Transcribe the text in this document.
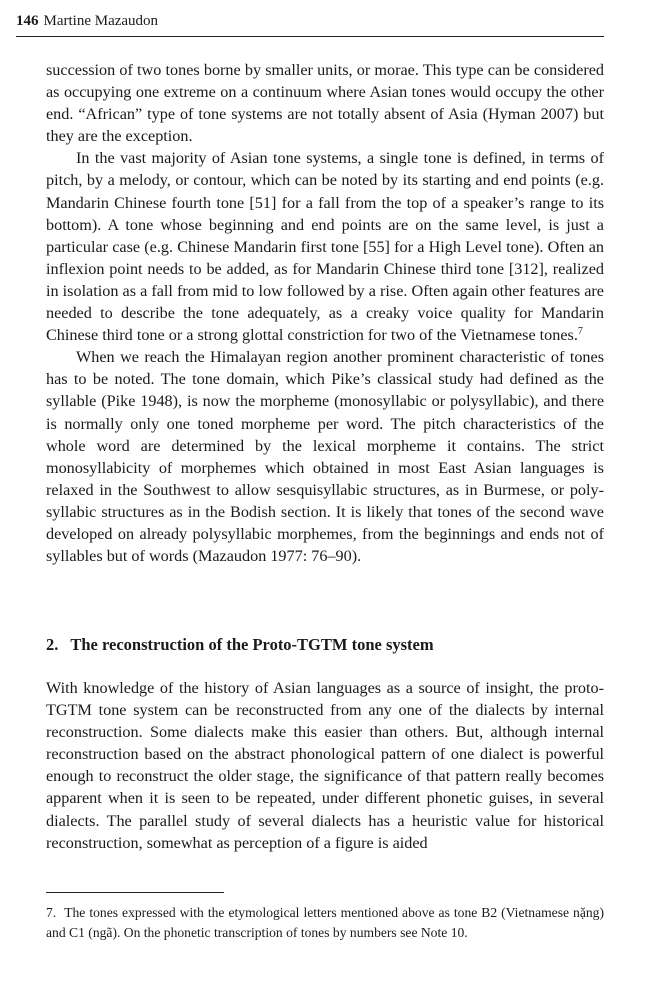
146 Martine Mazaudon

succession of two tones borne by smaller units, or morae. This type can be considered as occupying one extreme on a continuum where Asian tones would occupy the other end. “African” type of tone systems are not totally absent of Asia (Hyman 2007) but they are the exception.

In the vast majority of Asian tone systems, a single tone is defined, in terms of pitch, by a melody, or contour, which can be noted by its starting and end points (e.g. Mandarin Chinese fourth tone [51] for a fall from the top of a speaker’s range to its bottom). A tone whose beginning and end points are on the same level, is just a particular case (e.g. Chinese Mandarin first tone [55] for a High Level tone). Often an inflexion point needs to be added, as for Mandarin Chinese third tone [312], realized in isolation as a fall from mid to low followed by a rise. Often again other features are needed to describe the tone adequately, as a creaky voice quality for Mandarin Chinese third tone or a strong glottal constriction for two of the Vietnamese tones.$^7$

When we reach the Himalayan region another prominent characteristic of tones has to be noted. The tone domain, which Pike’s classical study had defined as the syllable (Pike 1948), is now the morpheme (monosyllabic or polysyllabic), and there is normally only one toned morpheme per word. The pitch characteristics of the whole word are determined by the lexical morpheme it contains. The strict monosyllabicity of morphemes which obtained in most East Asian languages is relaxed in the Southwest to allow sesquisyllabic structures, as in Burmese, or polysyllabic structures as in the Bodish section. It is likely that tones of the second wave developed on already polysyllabic morphemes, from the beginnings and ends not of syllables but of words (Mazaudon 1977: 76–90).

2. The reconstruction of the Proto-TGTM tone system

With knowledge of the history of Asian languages as a source of insight, the proto-TGTM tone system can be reconstructed from any one of the dialects by internal reconstruction. Some dialects make this easier than others. But, although internal reconstruction based on the abstract phonological pattern of one dialect is powerful enough to reconstruct the older stage, the significance of that pattern really becomes apparent when it is seen to be repeated, under different phonetic guises, in several dialects. The parallel study of several dialects has a heuristic value for historical reconstruction, somewhat as perception of a figure is aided

7. The tones expressed with the etymological letters mentioned above as tone B2 (Vietnamese nặng) and C1 (ngã). On the phonetic transcription of tones by numbers see Note 10.
